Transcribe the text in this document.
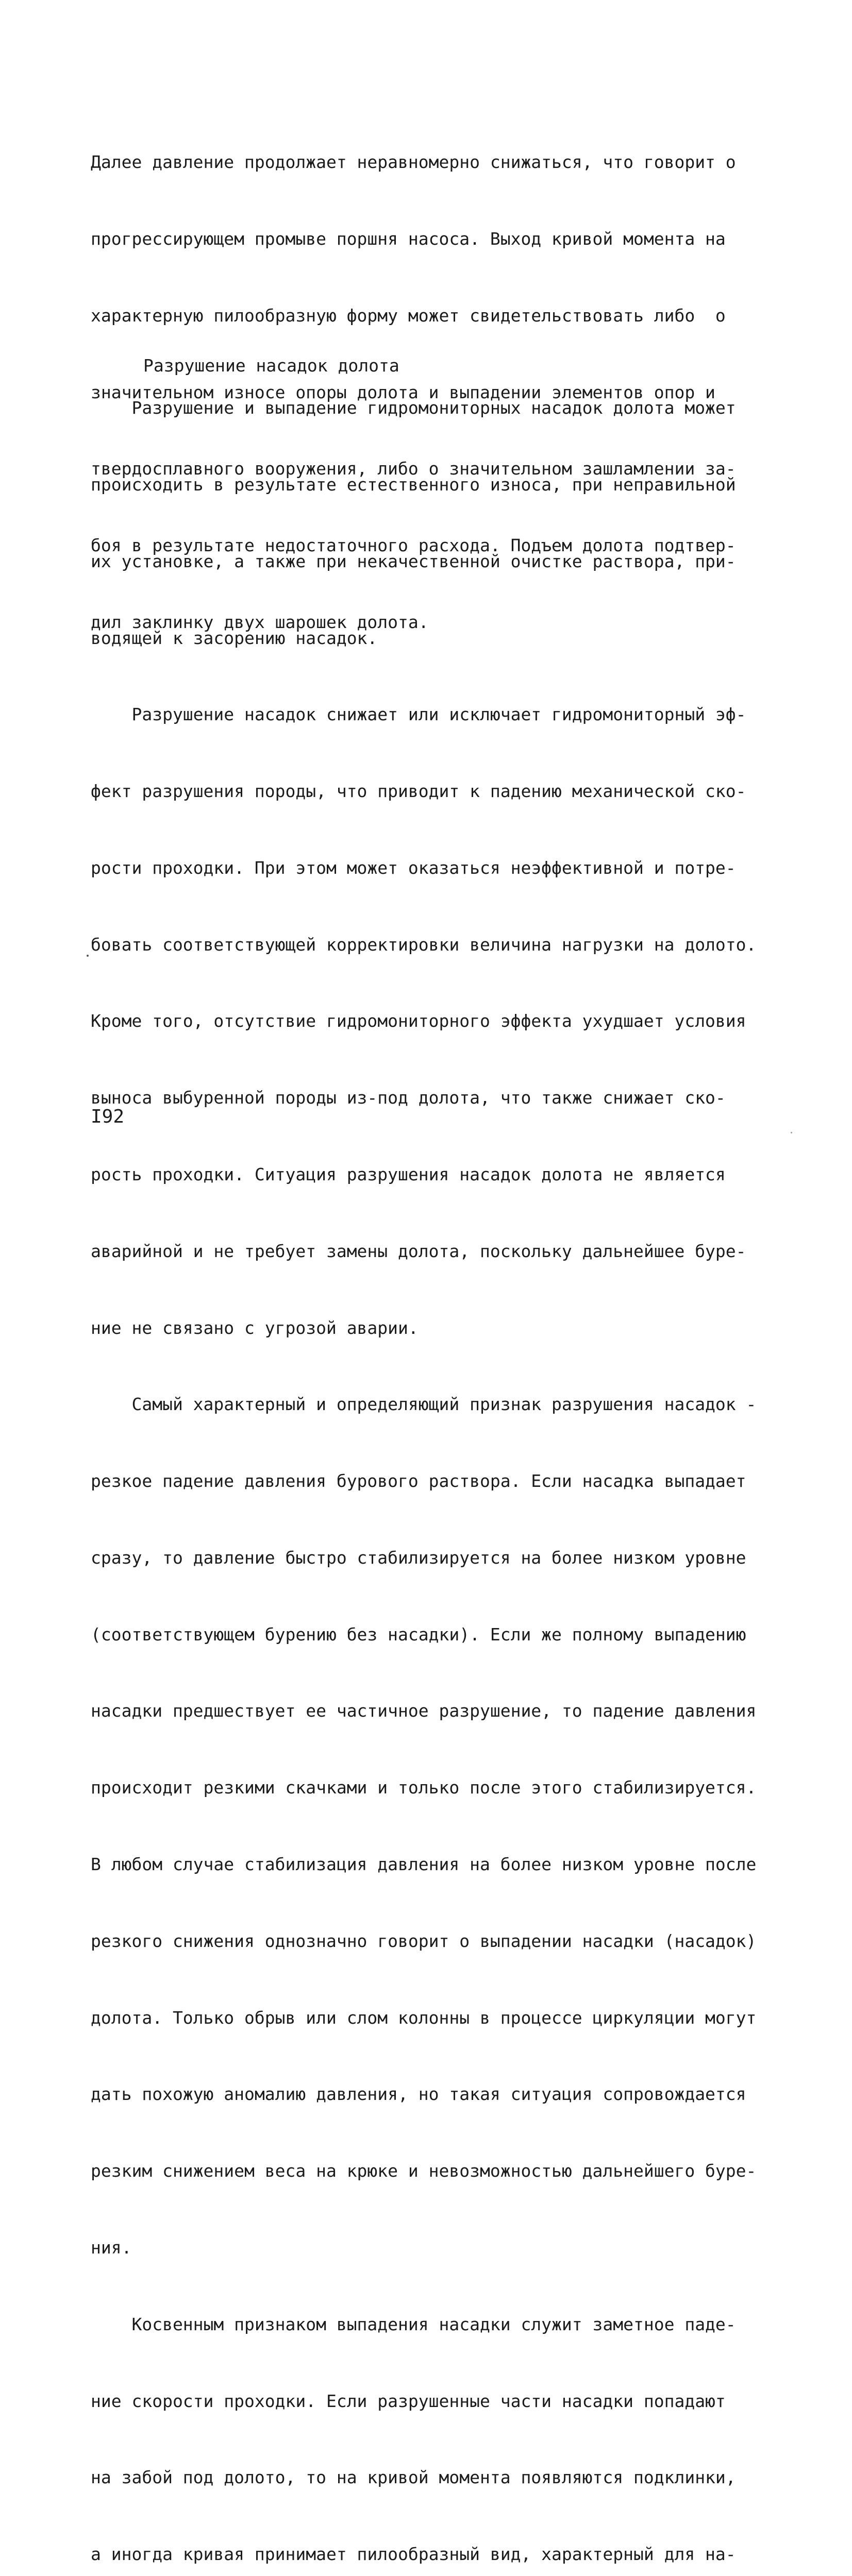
Далее давление продолжает неравномерно снижаться, что говорит о

прогрессирующем промыве поршня насоса. Выход кривой момента на

характерную пилообразную форму может свидетельствовать либо  о

значительном износе опоры долота и выпадении элементов опор и

твердосплавного вооружения, либо о значительном зашламлении за-

боя в результате недостаточного расхода. Подъем долота подтвер-

дил заклинку двух шарошек долота.

Разрушение насадок долота

Разрушение и выпадение гидромониторных насадок долота может

происходить в результате естественного износа, при неправильной

их установке, а также при некачественной очистке раствора, при-

водящей к засорению насадок.

Разрушение насадок снижает или исключает гидромониторный эф-

фект разрушения породы, что приводит к падению механической ско-

рости проходки. При этом может оказаться неэффективной и потре-

бовать соответствующей корректировки величина нагрузки на долото.

Кроме того, отсутствие гидромониторного эффекта ухудшает условия

выноса выбуренной породы из-под долота, что также снижает ско-

рость проходки. Ситуация разрушения насадок долота не является

аварийной и не требует замены долота, поскольку дальнейшее буре-

ние не связано с угрозой аварии.

Самый характерный и определяющий признак разрушения насадок -

резкое падение давления бурового раствора. Если насадка выпадает

сразу, то давление быстро стабилизируется на более низком уровне

(соответствующем бурению без насадки). Если же полному выпадению

насадки предшествует ее частичное разрушение, то падение давления

происходит резкими скачками и только после этого стабилизируется.

В любом случае стабилизация давления на более низком уровне после

резкого снижения однозначно говорит о выпадении насадки (насадок)

долота. Только обрыв или слом колонны в процессе циркуляции могут

дать похожую аномалию давления, но такая ситуация сопровождается

резким снижением веса на крюке и невозможностью дальнейшего буре-

ния.

Косвенным признаком выпадения насадки служит заметное паде-

ние скорости проходки. Если разрушенные части насадки попадают

на забой под долото, то на кривой момента появляются подклинки,

а иногда кривая принимает пилообразный вид, характерный для на-

I92
